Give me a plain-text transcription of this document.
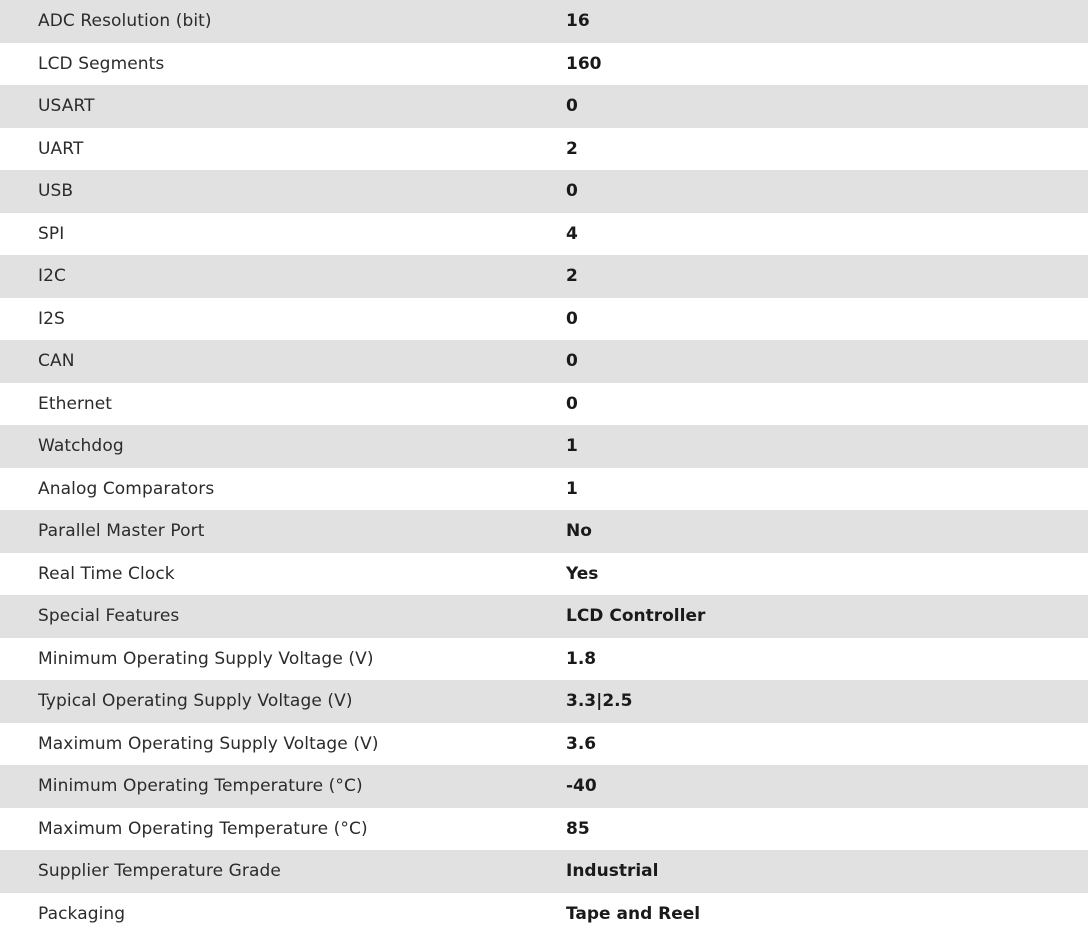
ADC Resolution (bit)	16
LCD Segments	160
USART	0
UART	2
USB	0
SPI	4
I2C	2
I2S	0
CAN	0
Ethernet	0
Watchdog	1
Analog Comparators	1
Parallel Master Port	No
Real Time Clock	Yes
Special Features	LCD Controller
Minimum Operating Supply Voltage (V)	1.8
Typical Operating Supply Voltage (V)	3.3|2.5
Maximum Operating Supply Voltage (V)	3.6
Minimum Operating Temperature (°C)	-40
Maximum Operating Temperature (°C)	85
Supplier Temperature Grade	Industrial
Packaging	Tape and Reel
